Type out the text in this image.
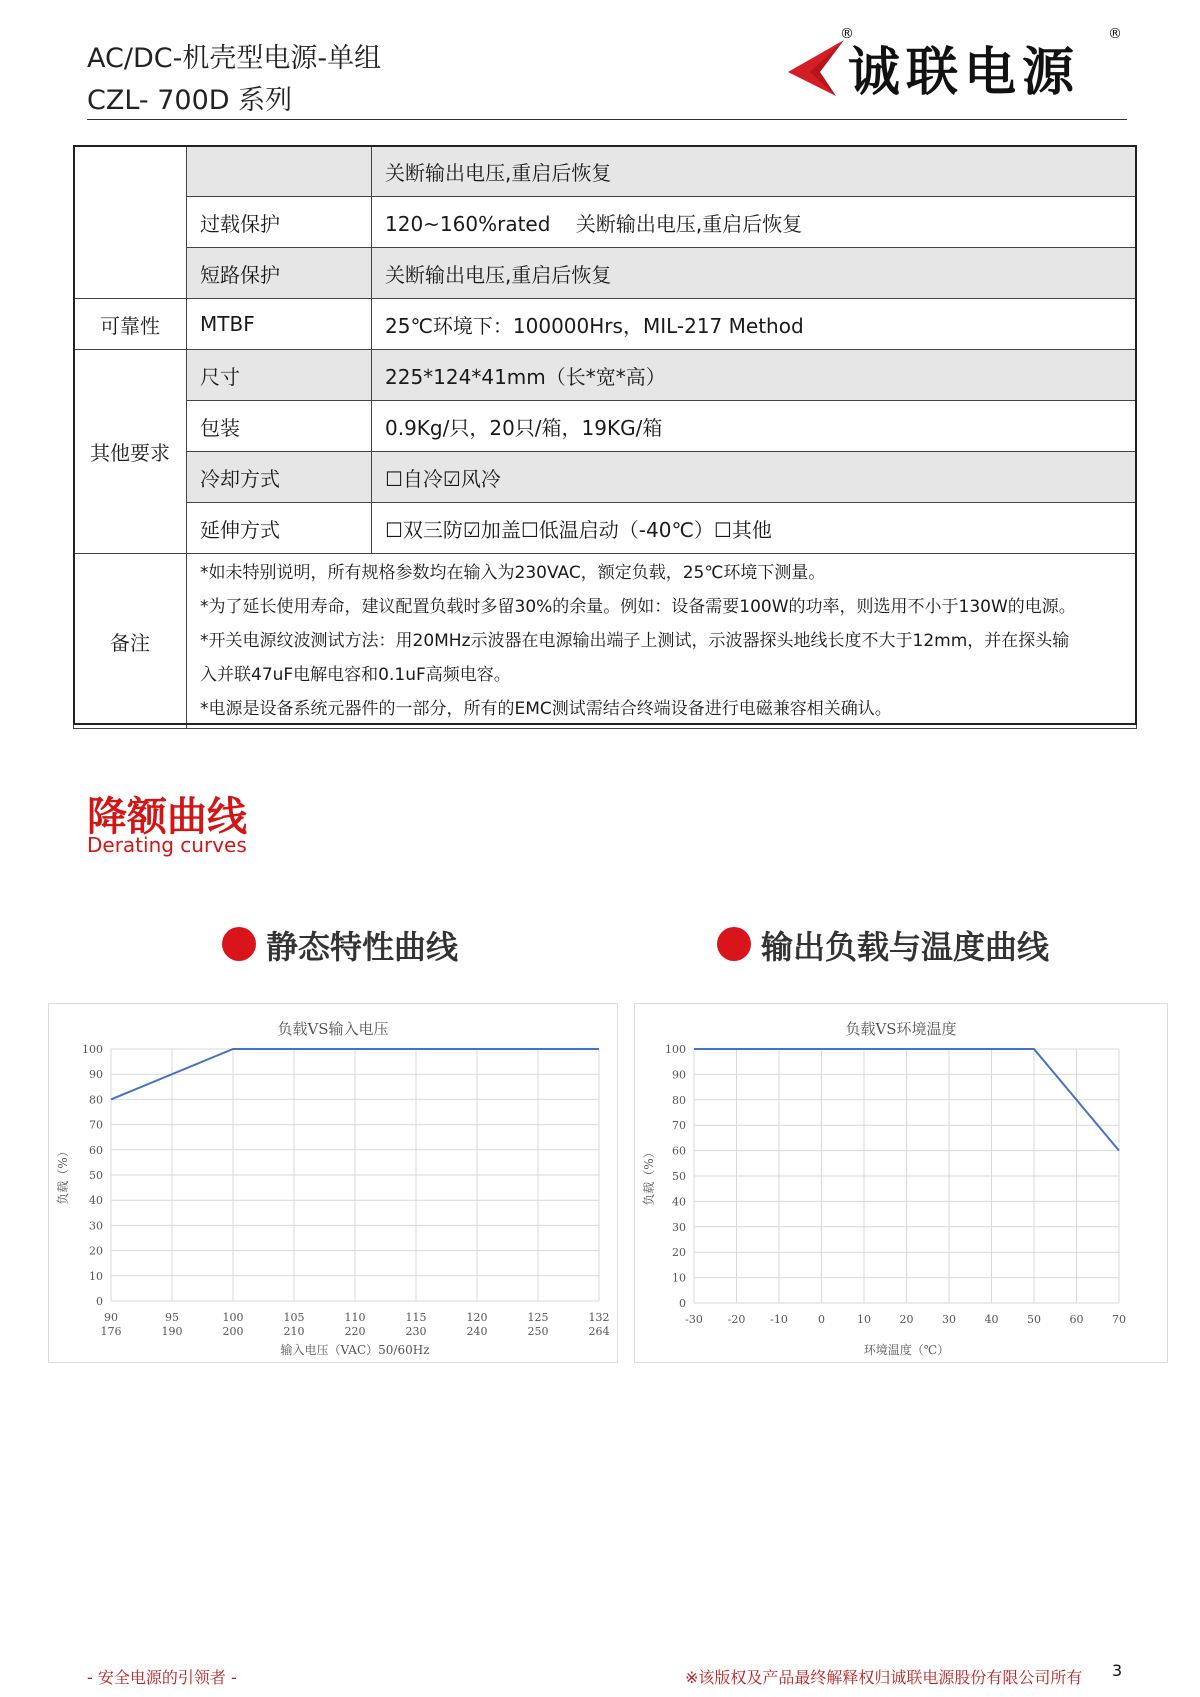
AC/DC-机壳型电源-单组
CZL- 700D 系列
®
诚联电源
®
		关断输出电压,重启后恢复
	过载保护	120~160%rated    关断输出电压,重启后恢复
	短路保护	关断输出电压,重启后恢复
可靠性	MTBF	25℃环境下：100000Hrs，MIL-217 Method
其他要求	尺寸	225*124*41mm（长*宽*高）
	包装	0.9Kg/只，20只/箱，19KG/箱
	冷却方式	☐自冷☑风冷
	延伸方式	☐双三防☑加盖☐低温启动（-40℃）☐其他
备注	*如未特别说明，所有规格参数均在输入为230VAC，额定负载，25℃环境下测量。
*为了延长使用寿命，建议配置负载时多留30%的余量。例如：设备需要100W的功率，则选用不小于130W的电源。
*开关电源纹波测试方法：用20MHz示波器在电源输出端子上测试，示波器探头地线长度不大于12mm，并在探头输
入并联47uF电解电容和0.1uF高频电容。
*电源是设备系统元器件的一部分，所有的EMC测试需结合终端设备进行电磁兼容相关确认。	
降额曲线
Derating curves
静态特性曲线	输出负载与温度曲线
负载VS输入电压
0
10
20
30
40
50
60
70
80
90
100
90
176
95
190
100
200
105
210
110
220
115
230
120
240
125
250
132
264
输入电压（VAC）50/60Hz
负载（%）
负载VS环境温度
0
10
20
30
40
50
60
70
80
90
100
-30 -20 -10	0	10	20	30	40	50	60	70
环境温度（℃）
负载（%）
- 安全电源的引领者 -	※该版权及产品最终解释权归诚联电源股份有限公司所有 3
